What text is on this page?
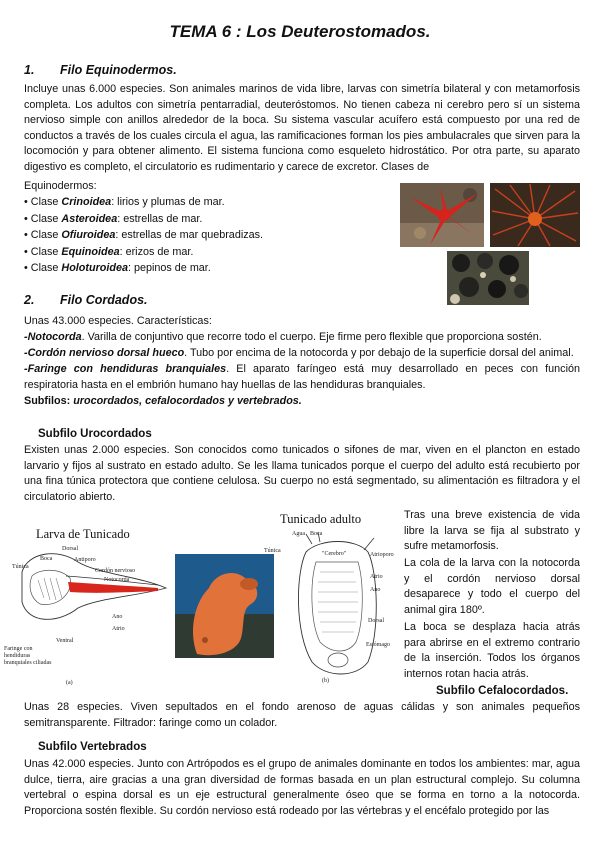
TEMA 6 : Los Deuterostomados.
1. Filo Equinodermos.
Incluye unas 6.000 especies. Son animales marinos de vida libre, larvas con simetría bilateral y con metamorfosis completa. Los adultos con simetría pentarradial, deuteróstomos. No tienen cabeza ni cerebro pero sí un sistema nervioso simple con anillos alrededor de la boca. Su sistema vascular acuífero está compuesto por una red de conductos a través de los cuales circula el agua, las ramificaciones forman los pies ambulacrales que sirven para la locomoción y para obtener alimento. El sistema funciona como esqueleto hidrostático. Por otra parte, su aparato digestivo es completo, el circulatorio es rudimentario y carece de excretor. Clases de
Equinodermos:
• Clase Crinoidea: lirios y plumas de mar.
• Clase Asteroidea: estrellas de mar.
• Clase Ofiuroidea: estrellas de mar quebradizas.
• Clase Equinoidea: erizos de mar.
• Clase Holoturoidea: pepinos de mar.
2. Filo Cordados.
Unas 43.000 especies. Características:
-Notocorda. Varilla de conjuntivo que recorre todo el cuerpo. Eje firme pero flexible que proporciona sostén.
-Cordón nervioso dorsal hueco. Tubo por encima de la notocorda y por debajo de la superficie dorsal del animal.
-Faringe con hendiduras branquiales. El aparato faríngeo está muy desarrollado en peces con función respiratoria hasta en el embrión humano hay huellas de las hendiduras branquiales.
Subfilos: urocordados, cefalocordados y vertebrados.
Subfilo Urocordados
Existen unas 2.000 especies. Son conocidos como tunicados o sifones de mar, viven en el plancton en estado larvario y fijos al sustrato en estado adulto. Se les llama tunicados porque el cuerpo del adulto está recubierto por una fina túnica protectora que contiene celulosa. Su cuerpo no está segmentado, su alimentación es filtradora y el circulatorio abierto.
Larva de Tunicado
Dorsal
Boca
Túnica
Antiporo
Cordón nervioso
Notocorda
Ano
Atrio
Ventral
Faringe con hendiduras branquiales ciliadas
(a)
Tunicado adulto
Agua Boca
Túnica	"Cerebro"	Atrioporo
Atrio
Ano
Dorsal
Estómago
(b)
Tras una breve existencia de vida libre la larva se fija al substrato y sufre metamorfosis.
La cola de la larva con la notocorda y el cordón nervioso dorsal desaparece y todo el cuerpo del animal gira 180º.
La boca se desplaza hacia atrás para abrirse en el extremo contrario de la inserción. Todos los órganos internos rotan hacia atrás.
Subfilo Cefalocordados.
Unas 28 especies. Viven sepultados en el fondo arenoso de aguas cálidas y son animales pequeños semitransparente. Filtrador: faringe como un colador.
Subfilo Vertebrados
Unas 42.000 especies. Junto con Artrópodos es el grupo de animales dominante en todos los ambientes: mar, agua dulce, tierra, aire gracias a una gran diversidad de formas basada en un plan estructural complejo. Su columna vertebral o espina dorsal es un eje estructural generalmente óseo que se forma en torno a la notocorda. Proporciona sostén flexible. Su cordón nervioso está rodeado por las vértebras y el encéfalo protegido por las
